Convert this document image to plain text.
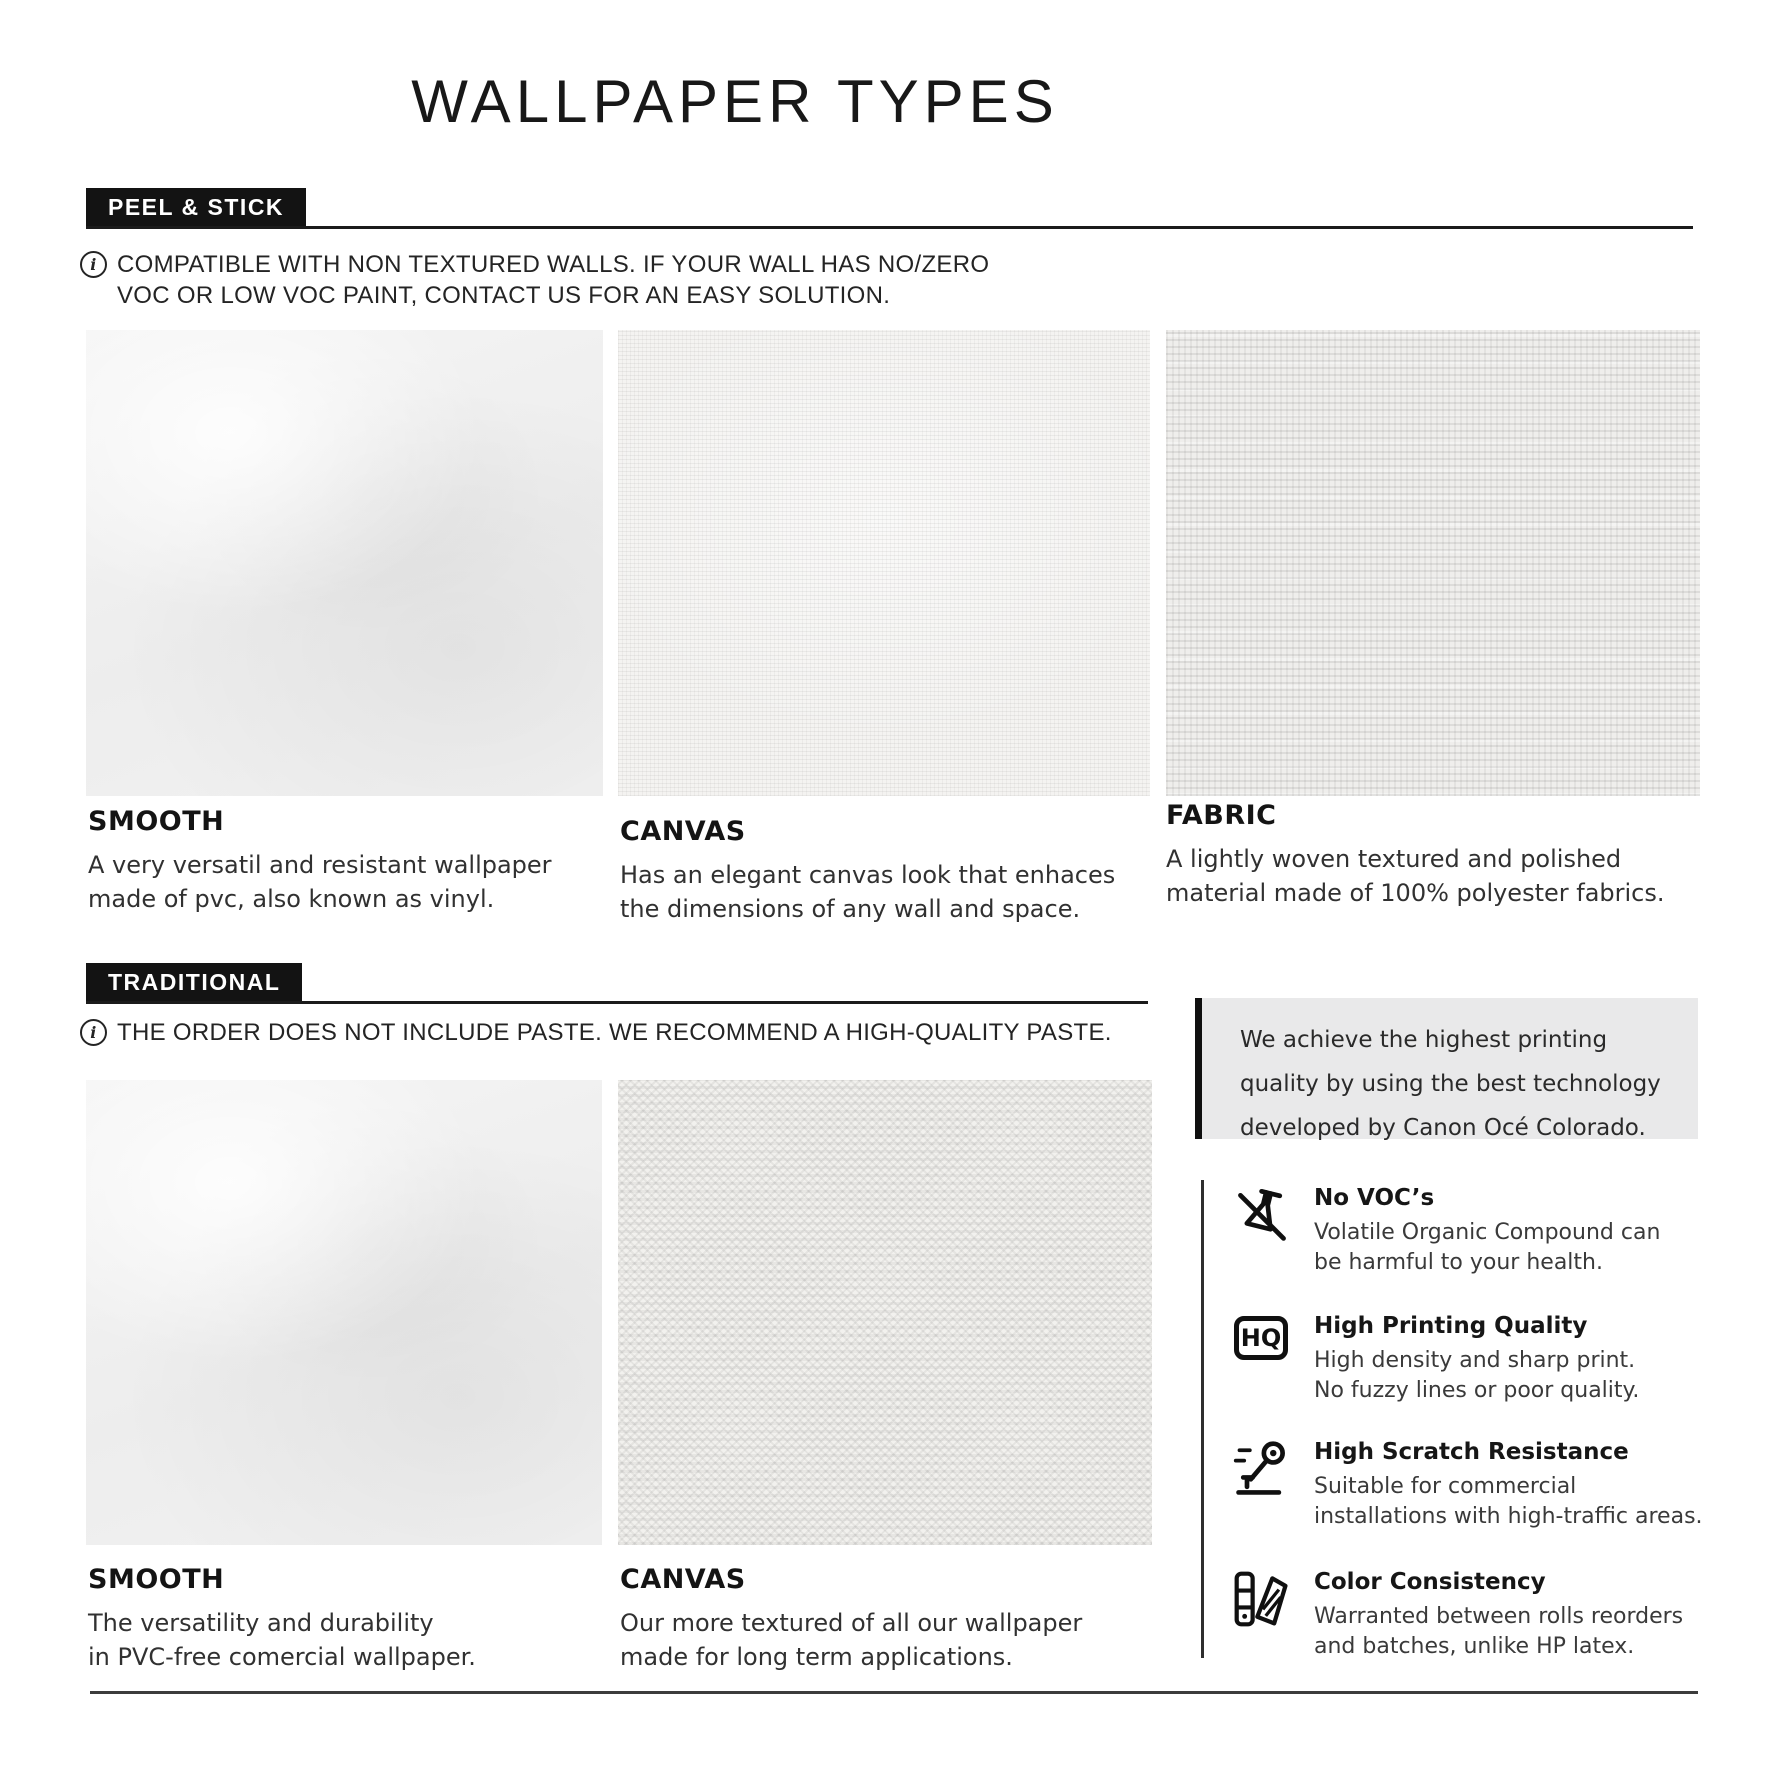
WALLPAPER TYPES
PEEL & STICK
i COMPATIBLE WITH NON TEXTURED WALLS. IF YOUR WALL HAS NO/ZERO
VOC OR LOW VOC PAINT, CONTACT US FOR AN EASY SOLUTION.
SMOOTH
A very versatil and resistant wallpaper
made of pvc, also known as vinyl.
CANVAS
Has an elegant canvas look that enhaces
the dimensions of any wall and space.
FABRIC
A lightly woven textured and polished
material made of 100% polyester fabrics.
TRADITIONAL
i THE ORDER DOES NOT INCLUDE PASTE. WE RECOMMEND A HIGH-QUALITY PASTE.
SMOOTH
The versatility and durability
in PVC-free comercial wallpaper.
CANVAS
Our more textured of all our wallpaper
made for long term applications.
We achieve the highest printing
quality by using the best technology
developed by Canon Océ Colorado.
No VOC’s
Volatile Organic Compound can
be harmful to your health.
HQ High Printing Quality
High density and sharp print.
No fuzzy lines or poor quality.
High Scratch Resistance
Suitable for commercial
installations with high-traffic areas.
Color Consistency
Warranted between rolls reorders
and batches, unlike HP latex.
